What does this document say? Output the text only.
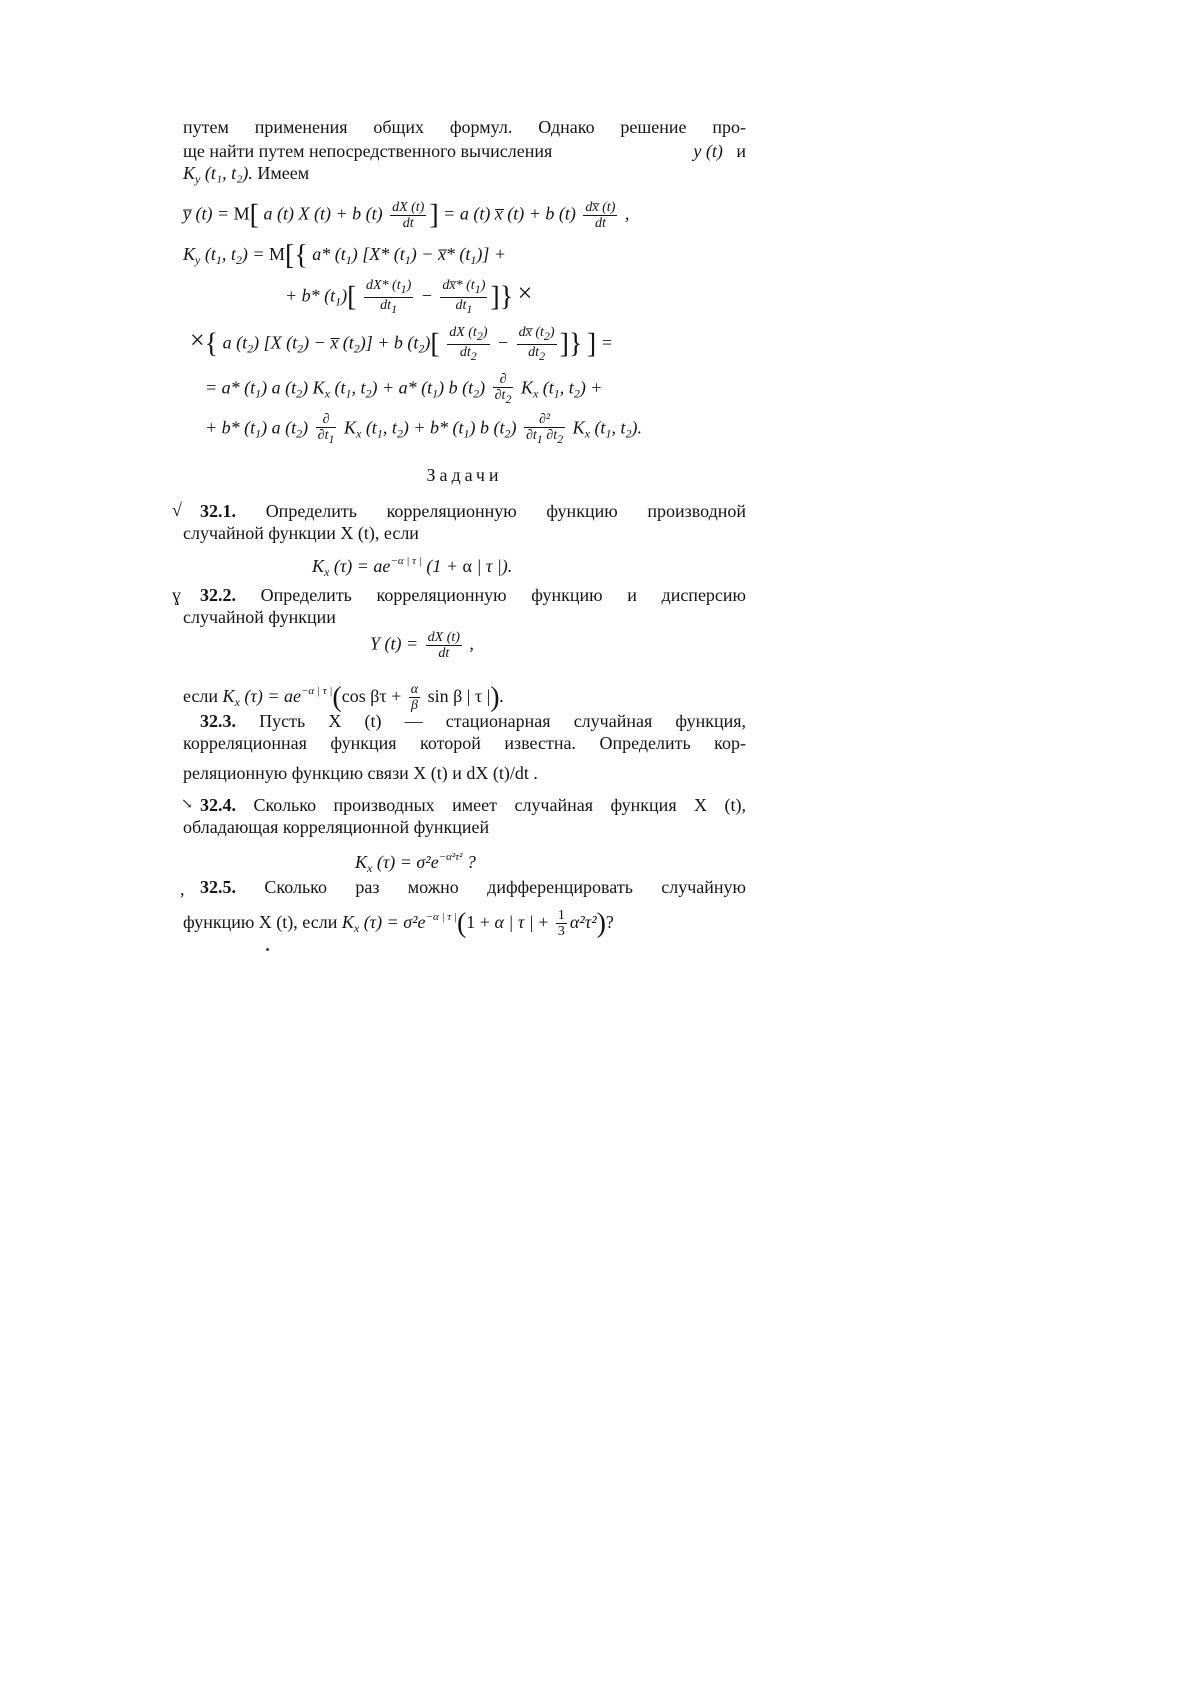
путем применения общих формул. Однако решение про-
ще найти путем непосредственного вычисления	y (t) и
$K_y$ (t₁, t₂). Имеем
y̅ (t) = M[ a (t) X (t) + b $(t) \frac{dX (t)}{dt}$ ] = a (t) x̅ (t) + b $(t) \frac{dx̅ (t)}{dt}$ ,
$K_y$ ($t_1$, $t_2) = M$[{ a* $(t_1)$ [X* $(t_1)$ − x̅* $(t_1)$] +
+ b* $(t_1)[ \frac{dX* (t1)}{dt1} - \frac{dx̅* (t1)}{dt1}$ ]} ×
×{ a $(t_2)$ [X $(t_2)$ − x̅ $(t_2)] + b$ $(t_2)[ \frac{dX (t2)}{dt2} - \frac{dx̅ (t2)}{dt2}$ ]} ] =
= a* $(t_1)$ a $(t_2)$ $K_x$ ($t_1$, $t_2) + a*$ $(t_1)$ b $(t_2) \frac{\partial}{\partial t2} K_x$ ($t_1$, $t_2$) +
+ b* $(t_1)$ a $(t_2) \frac{\partial}{\partial t1} K_x$ ($t_1$, $t_2) + b*$ $(t_1)$ b $(t_2) \frac{\text{∂²}}{\partial t1 \partial t2} K_x$ ($t_1$, $t_2$).
Задачи
√ 32.1. Определить корреляционную функцию производной
случайной функции X (t), если
$K_x$ $(\tau) = ae^{-\alpha | \tau |}$ (1 + α | τ |).
ɣ 32.2. Определить корреляционную функцию и дисперсию
случайной функции
Y $(t) = \frac{dX (t)}{dt}$ ,
если $K_x$ $(\tau) = ae^{-\alpha | \tau |}(\cos$ $\beta\tau + \frac{\alpha}{\beta}$ sin β | τ |).
32.3. Пусть X (t) — стационарная случайная функция,
корреляционная функция которой известна. Определить кор-
реляционную функцию связи X (t) и dX (t)/dt .
↘ 32.4. Сколько производных имеет случайная функция X (t),
обладающая корреляционной функцией
$K_x$ $(\tau) = \sigma^2e^{-\alpha^2\tau^2}$ ?
, 32.5. Сколько раз можно дифференцировать случайную
функцию X (t), если $K_x$ $(\tau) = \sigma^2e^{-\alpha | \tau |}(1 + \alpha$ | τ | + $\frac{1}{3} \alpha^2\tau^2$)?
